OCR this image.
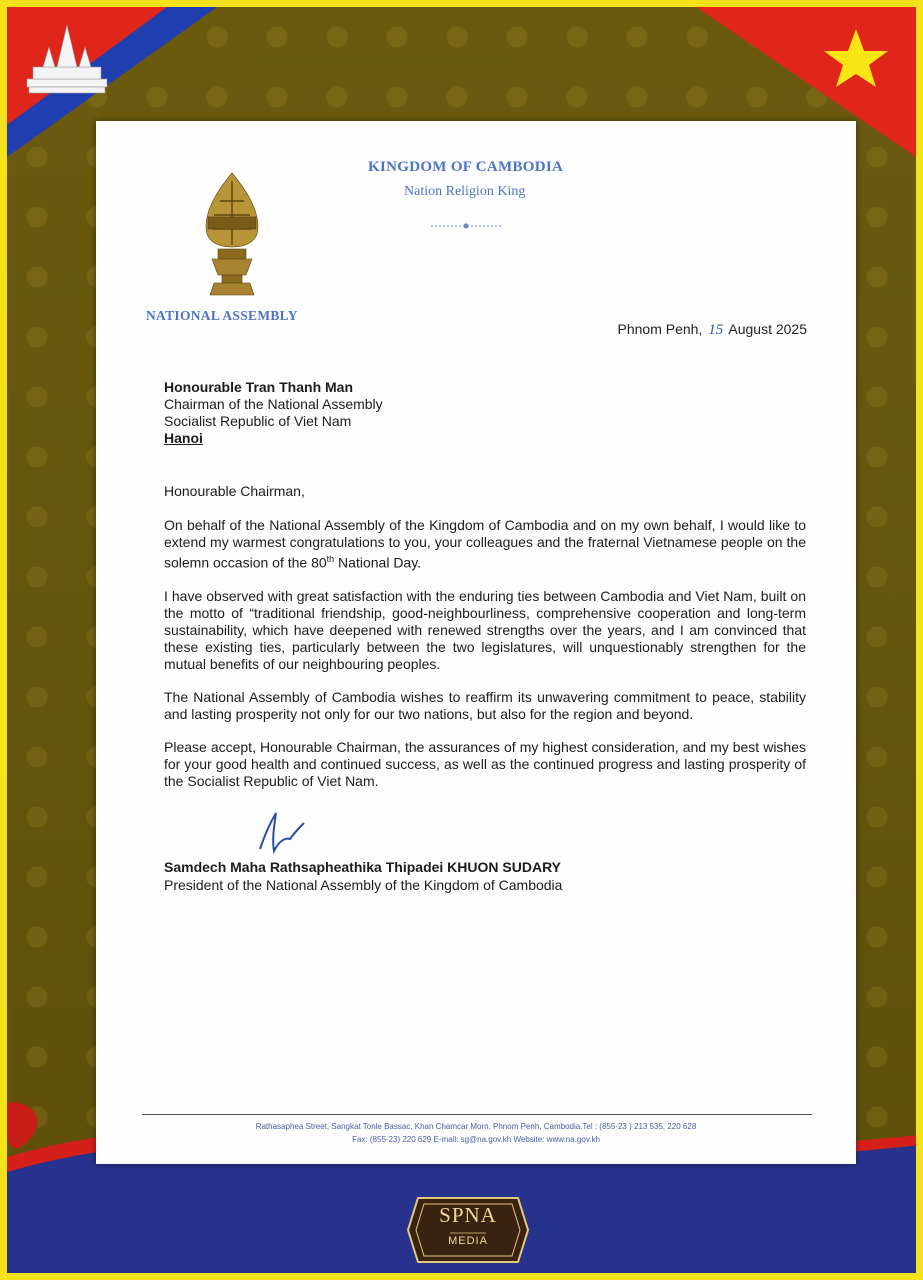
KINGDOM OF CAMBODIA
Nation Religion King
NATIONAL ASSEMBLY
Phnom Penh, 15 August 2025
Honourable Tran Thanh Man
Chairman of the National Assembly
Socialist Republic of Viet Nam
Hanoi
Honourable Chairman,

On behalf of the National Assembly of the Kingdom of Cambodia and on my own behalf, I would like to extend my warmest congratulations to you, your colleagues and the fraternal Vietnamese people on the solemn occasion of the 80th National Day.

I have observed with great satisfaction with the enduring ties between Cambodia and Viet Nam, built on the motto of “traditional friendship, good-neighbourliness, comprehensive cooperation and long-term sustainability, which have deepened with renewed strengths over the years, and I am convinced that these existing ties, particularly between the two legislatures, will unquestionably strengthen for the mutual benefits of our neighbouring peoples.

The National Assembly of Cambodia wishes to reaffirm its unwavering commitment to peace, stability and lasting prosperity not only for our two nations, but also for the region and beyond.

Please accept, Honourable Chairman, the assurances of my highest consideration, and my best wishes for your good health and continued success, as well as the continued progress and lasting prosperity of the Socialist Republic of Viet Nam.

Samdech Maha Rathsapheathika Thipadei KHUON SUDARY
President of the National Assembly of the Kingdom of Cambodia
Rathasaphea Street, Sangkat Tonle Bassac, Khan Chamcar Morn, Phnom Penh, Cambodia.Tel : (855-23 ) 213 535, 220 628
Fax: (855-23) 220 629 E-mail: sg@na.gov.kh Website: www.na.gov.kh
SPNA
MEDIA
